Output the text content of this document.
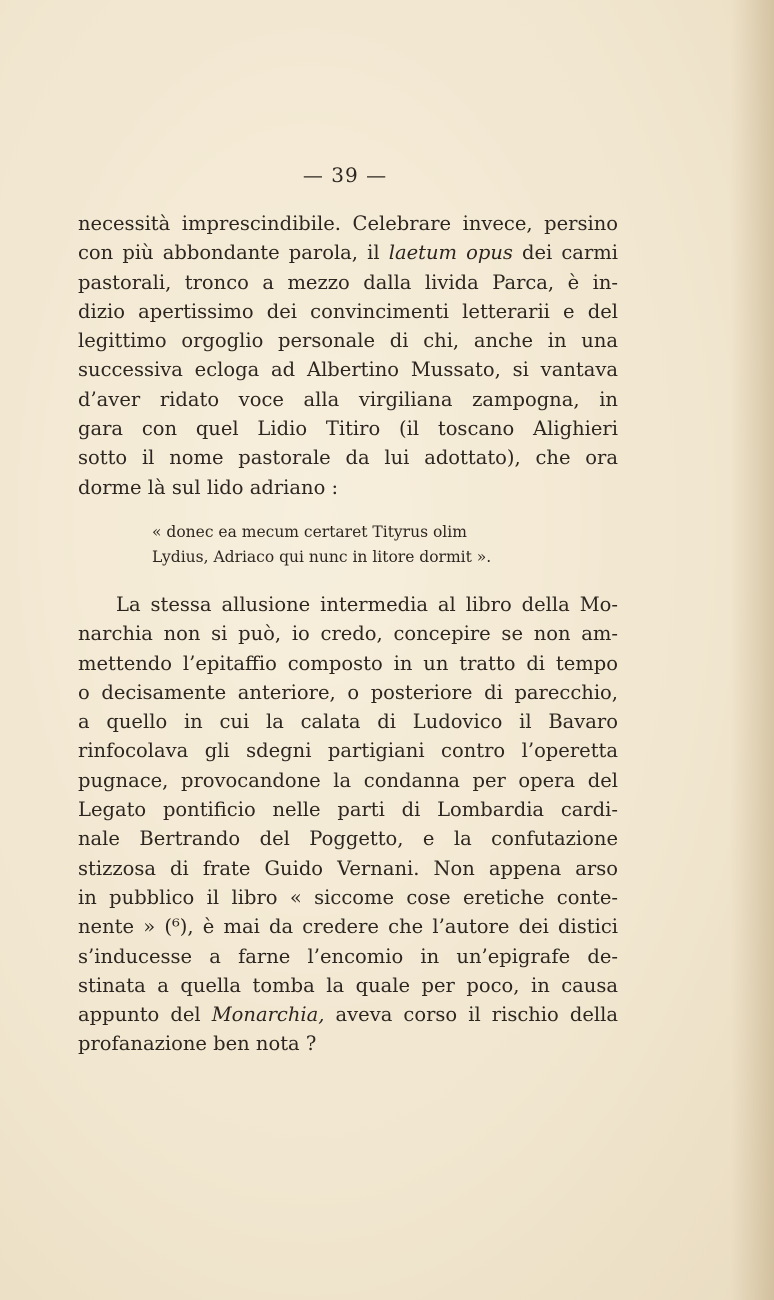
— 39 —
necessità imprescindibile. Celebrare invece, persino
con più abbondante parola, il laetum opus dei carmi
pastorali, tronco a mezzo dalla livida Parca, è in-
dizio apertissimo dei convincimenti letterarii e del
legittimo orgoglio personale di chi, anche in una
successiva ecloga ad Albertino Mussato, si vantava
d’aver ridato voce alla virgiliana zampogna, in
gara con quel Lidio Titiro (il toscano Alighieri
sotto il nome pastorale da lui adottato), che ora
dorme là sul lido adriano :
« donec ea mecum certaret Tityrus olim
Lydius, Adriaco qui nunc in litore dormit ».
La stessa allusione intermedia al libro della Mo-
narchia non si può, io credo, concepire se non am-
mettendo l’epitaffio composto in un tratto di tempo
o decisamente anteriore, o posteriore di parecchio,
a quello in cui la calata di Ludovico il Bavaro
rinfocolava gli sdegni partigiani contro l’operetta
pugnace, provocandone la condanna per opera del
Legato pontificio nelle parti di Lombardia cardi-
nale Bertrando del Poggetto, e la confutazione
stizzosa di frate Guido Vernani. Non appena arso
in pubblico il libro « siccome cose eretiche conte-
nente » (⁶), è mai da credere che l’autore dei distici
s’inducesse a farne l’encomio in un’epigrafe de-
stinata a quella tomba la quale per poco, in causa
appunto del Monarchia, aveva corso il rischio della
profanazione ben nota ?
